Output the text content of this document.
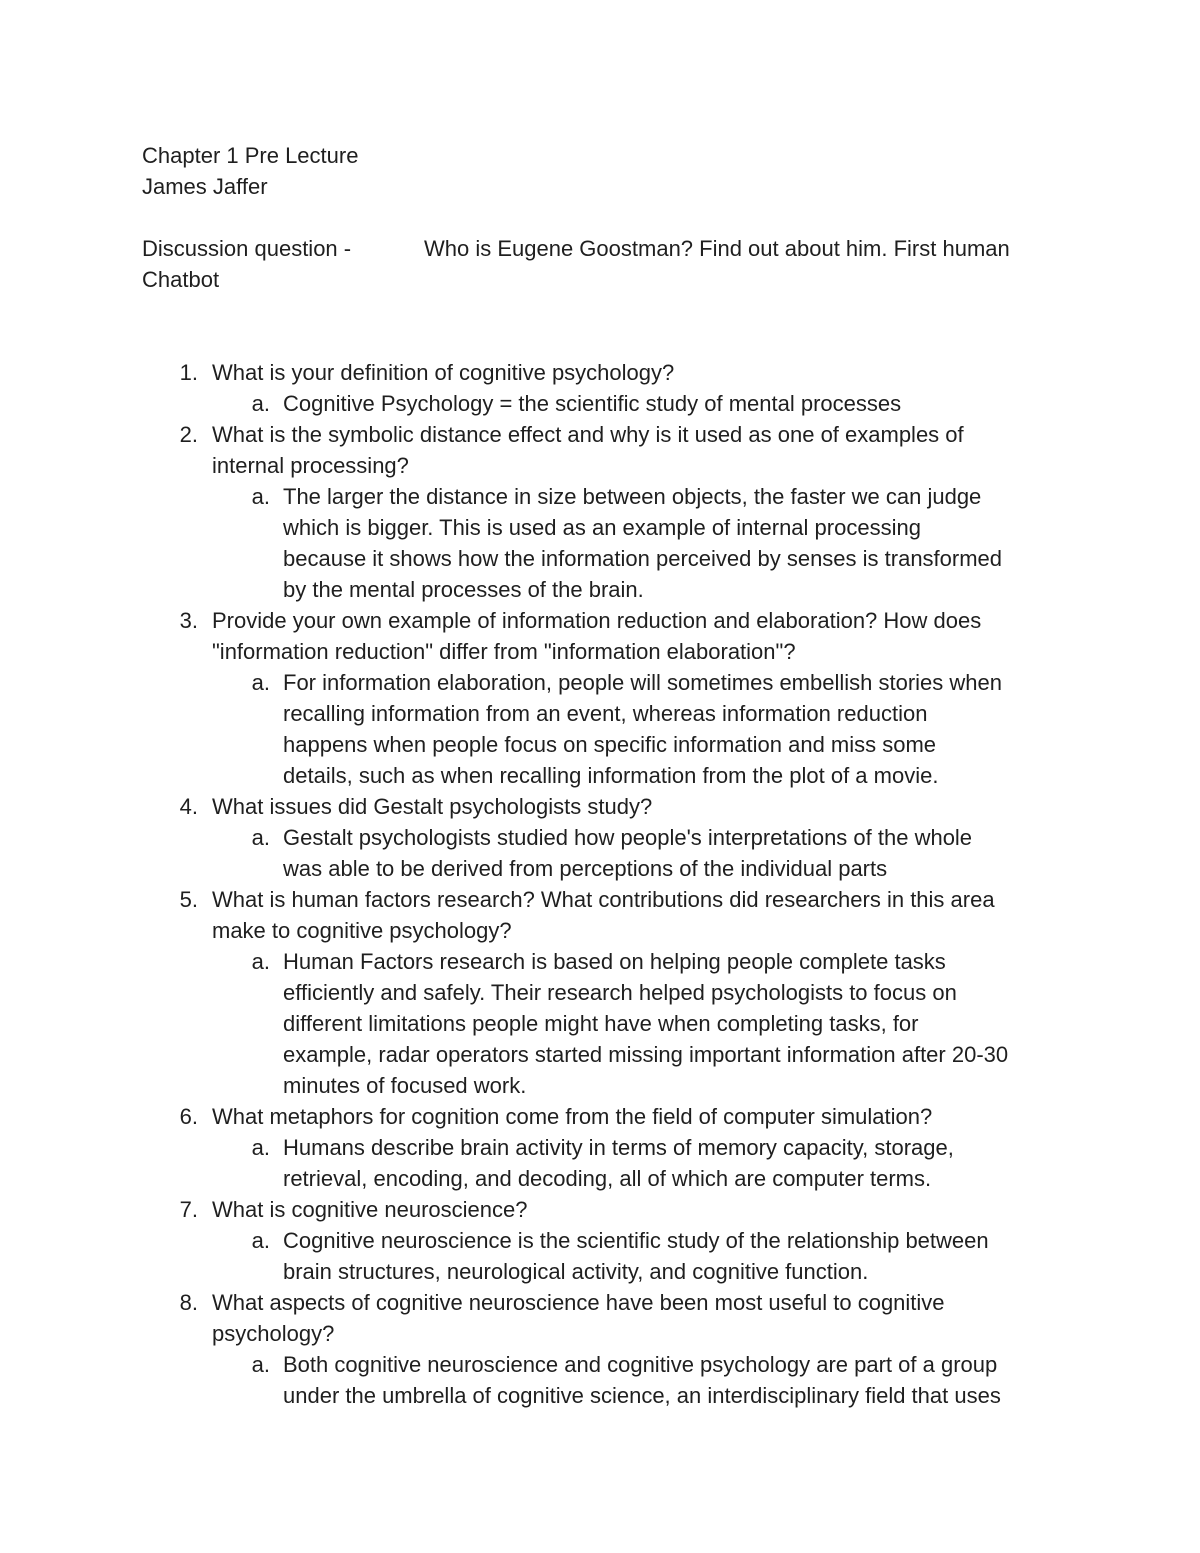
Chapter 1 Pre Lecture
James Jaffer
Discussion question -	Who is Eugene Goostman? Find out about him. First human
Chatbot
1. What is your definition of cognitive psychology?
a. Cognitive Psychology = the scientific study of mental processes
2. What is the symbolic distance effect and why is it used as one of examples of
internal processing?
a. The larger the distance in size between objects, the faster we can judge
which is bigger. This is used as an example of internal processing
because it shows how the information perceived by senses is transformed
by the mental processes of the brain.
3. Provide your own example of information reduction and elaboration? How does
"information reduction" differ from "information elaboration"?
a. For information elaboration, people will sometimes embellish stories when
recalling information from an event, whereas information reduction
happens when people focus on specific information and miss some
details, such as when recalling information from the plot of a movie.
4. What issues did Gestalt psychologists study?
a. Gestalt psychologists studied how people's interpretations of the whole
was able to be derived from perceptions of the individual parts
5. What is human factors research? What contributions did researchers in this area
make to cognitive psychology?
a. Human Factors research is based on helping people complete tasks
efficiently and safely. Their research helped psychologists to focus on
different limitations people might have when completing tasks, for
example, radar operators started missing important information after 20-30
minutes of focused work.
6. What metaphors for cognition come from the field of computer simulation?
a. Humans describe brain activity in terms of memory capacity, storage,
retrieval, encoding, and decoding, all of which are computer terms.
7. What is cognitive neuroscience?
a. Cognitive neuroscience is the scientific study of the relationship between
brain structures, neurological activity, and cognitive function.
8. What aspects of cognitive neuroscience have been most useful to cognitive
psychology?
a. Both cognitive neuroscience and cognitive psychology are part of a group
under the umbrella of cognitive science, an interdisciplinary field that uses
